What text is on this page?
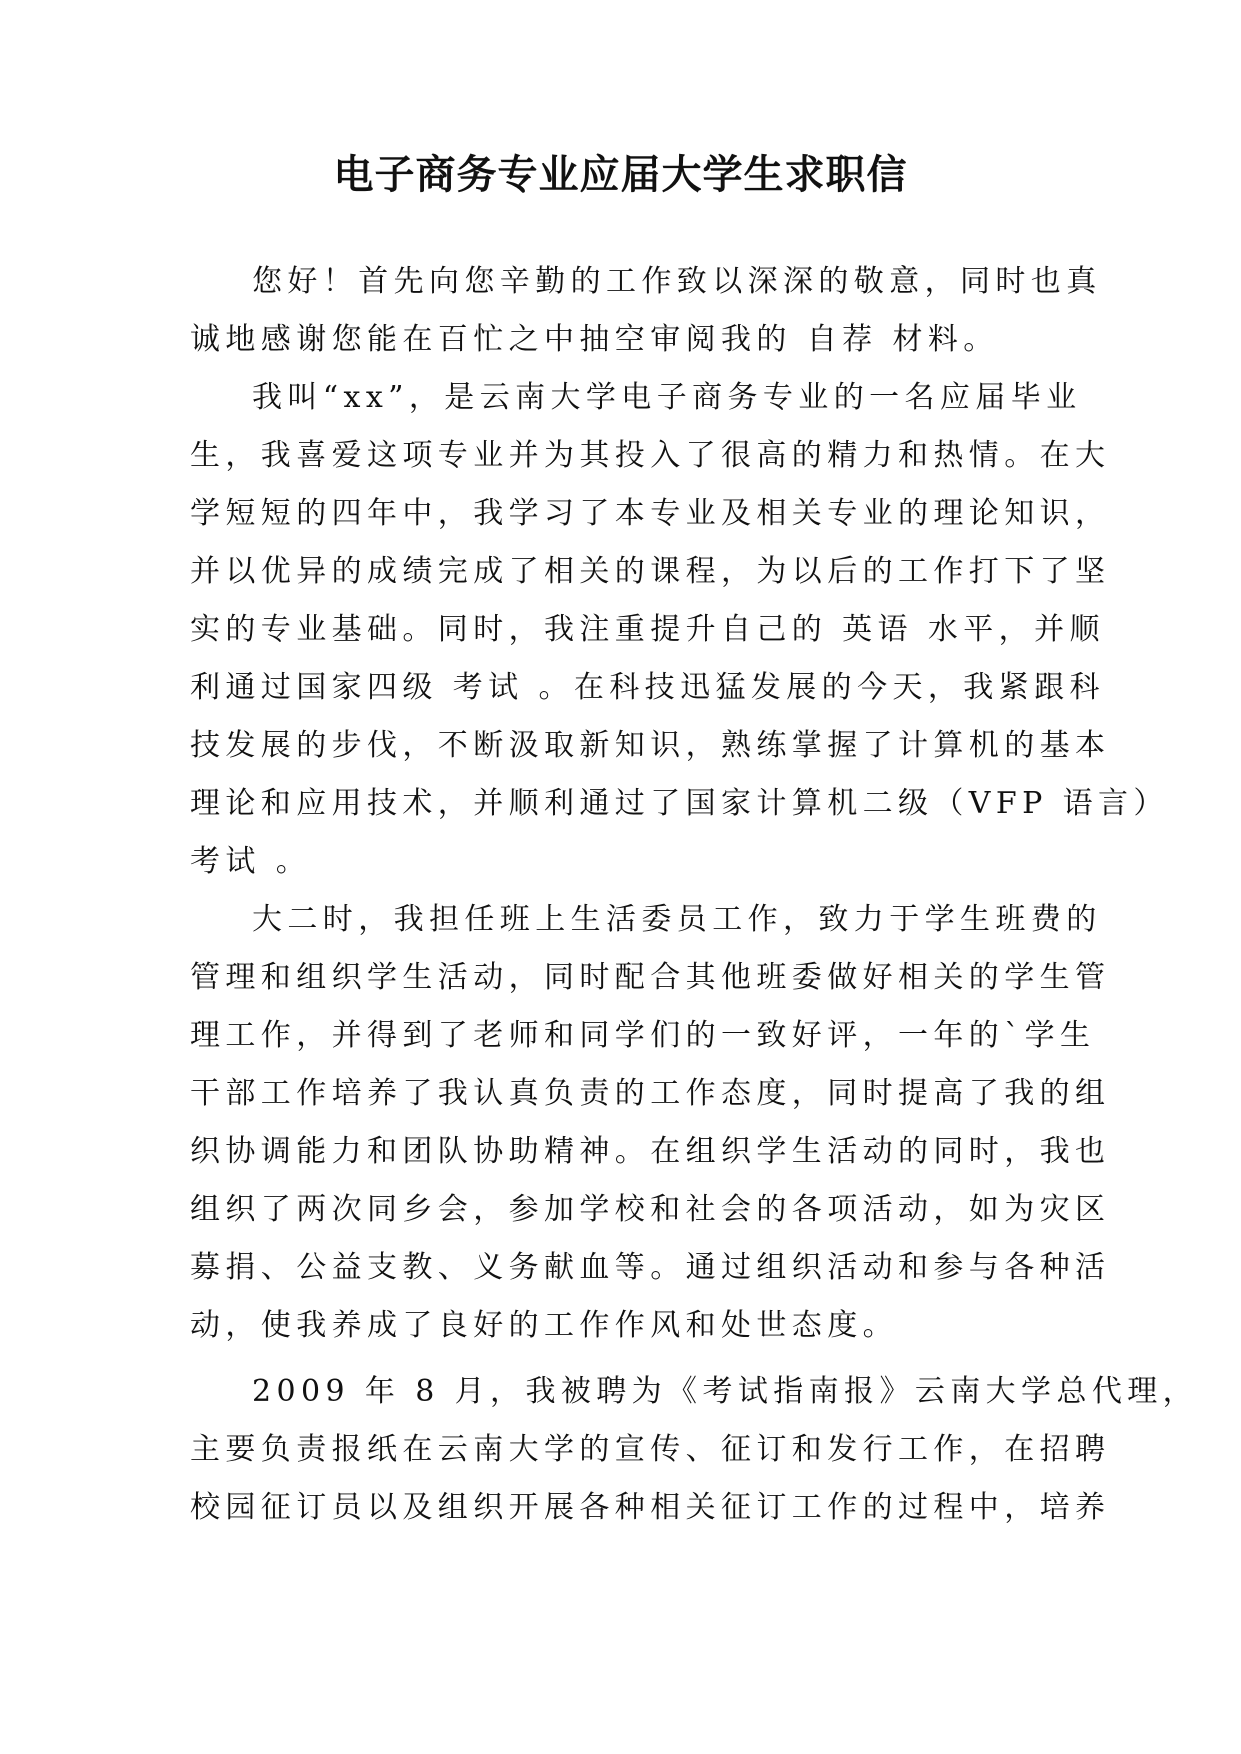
电子商务专业应届大学生求职信

您好！首先向您辛勤的工作致以深深的敬意，同时也真

诚地感谢您能在百忙之中抽空审阅我的 自荐 材料。

我叫“xx”，是云南大学电子商务专业的一名应届毕业

生，我喜爱这项专业并为其投入了很高的精力和热情。在大

学短短的四年中，我学习了本专业及相关专业的理论知识，

并以优异的成绩完成了相关的课程，为以后的工作打下了坚

实的专业基础。同时，我注重提升自己的 英语 水平，并顺

利通过国家四级 考试 。在科技迅猛发展的今天，我紧跟科

技发展的步伐，不断汲取新知识，熟练掌握了计算机的基本

理论和应用技术，并顺利通过了国家计算机二级（VFP 语言）

考试 。

大二时，我担任班上生活委员工作，致力于学生班费的

管理和组织学生活动，同时配合其他班委做好相关的学生管

理工作，并得到了老师和同学们的一致好评，一年的`学生

干部工作培养了我认真负责的工作态度，同时提高了我的组

织协调能力和团队协助精神。在组织学生活动的同时，我也

组织了两次同乡会，参加学校和社会的各项活动，如为灾区

募捐、公益支教、义务献血等。通过组织活动和参与各种活

动，使我养成了良好的工作作风和处世态度。

2009 年 8 月，我被聘为《考试指南报》云南大学总代理，

主要负责报纸在云南大学的宣传、征订和发行工作，在招聘

校园征订员以及组织开展各种相关征订工作的过程中，培养
